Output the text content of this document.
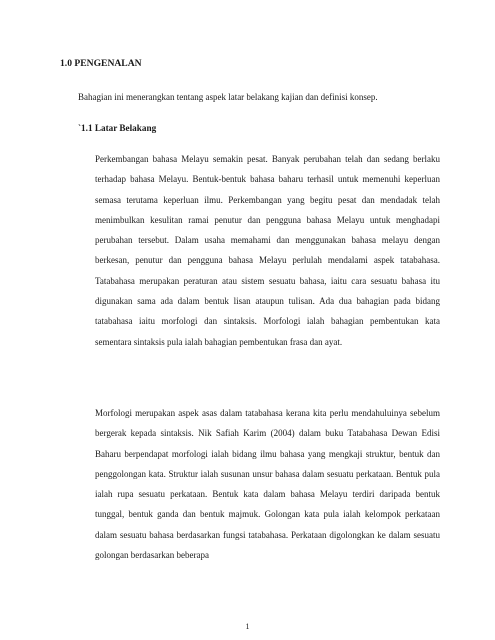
1.0 PENGENALAN

Bahagian ini menerangkan tentang aspek latar belakang kajian dan definisi konsep.

`1.1 Latar Belakang

Perkembangan bahasa Melayu semakin pesat. Banyak perubahan telah dan sedang berlaku terhadap bahasa Melayu. Bentuk-bentuk bahasa baharu terhasil untuk memenuhi keperluan semasa terutama keperluan ilmu. Perkembangan yang begitu pesat dan mendadak telah menimbulkan kesulitan ramai penutur dan pengguna bahasa Melayu untuk menghadapi perubahan tersebut. Dalam usaha memahami dan menggunakan bahasa melayu dengan berkesan, penutur dan pengguna bahasa Melayu perlulah mendalami aspek tatabahasa. Tatabahasa merupakan peraturan atau sistem sesuatu bahasa, iaitu cara sesuatu bahasa itu digunakan sama ada dalam bentuk lisan ataupun tulisan. Ada dua bahagian pada bidang tatabahasa iaitu morfologi dan sintaksis. Morfologi ialah bahagian pembentukan kata sementara sintaksis pula ialah bahagian pembentukan frasa dan ayat.

Morfologi merupakan aspek asas dalam tatabahasa kerana kita perlu mendahuluinya sebelum bergerak kepada sintaksis. Nik Safiah Karim (2004) dalam buku Tatabahasa Dewan Edisi Baharu berpendapat morfologi ialah bidang ilmu bahasa yang mengkaji struktur, bentuk dan penggolongan kata. Struktur ialah susunan unsur bahasa dalam sesuatu perkataan. Bentuk pula ialah rupa sesuatu perkataan. Bentuk kata dalam bahasa Melayu terdiri daripada bentuk tunggal, bentuk ganda dan bentuk majmuk. Golongan kata pula ialah kelompok perkataan dalam sesuatu bahasa berdasarkan fungsi tatabahasa. Perkataan digolongkan ke dalam sesuatu golongan berdasarkan beberapa

1
